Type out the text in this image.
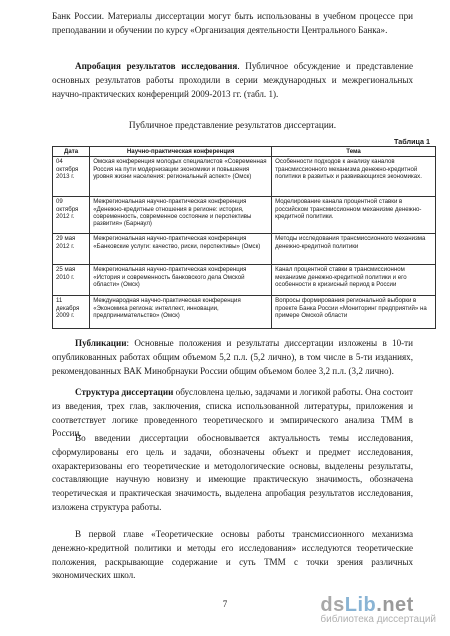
Банк России. Материалы диссертации могут быть использованы в учебном процессе при преподавании и обучении по курсу «Организация деятельности Центрального Банка».
Апробация результатов исследования. Публичное обсуждение и представление основных результатов работы проходили в серии международных и межрегиональных научно-практических конференций 2009-2013 гг. (табл. 1).
Публичное представление результатов диссертации.
Таблица 1
Дата	Научно-практическая конференция	Тема
04 октября 2013 г.	Омская конференция молодых специалистов «Современная Россия на пути модернизации экономики и повышения уровня жизни населения: региональный аспект» (Омск)	Особенности подходов к анализу каналов трансмиссионного механизма денежно-кредитной политики в развитых и развивающихся экономиках.
09 октября 2012 г.	Межрегиональная научно-практическая конференция «Денежно-кредитные отношения в регионе: история, современность, современное состояние и перспективы развития» (Барнаул)	Моделирование канала процентной ставки в российском трансмиссионном механизме денежно-кредитной политики.
29 мая 2012 г.	Межрегиональная научно-практическая конференция «Банковские услуги: качество, риски, перспективы» (Омск)	Методы исследования трансмиссионного механизма денежно-кредитной политики
25 мая 2010 г.	Межрегиональная научно-практическая конференция «История и современность банковского дела Омской области» (Омск)	Канал процентной ставки в трансмиссионном механизме денежно-кредитной политики и его особенности в кризисный период в России
11 декабря 2009 г.	Международная научно-практическая конференция «Экономика региона: интеллект, инновации, предпринимательство» (Омск)	Вопросы формирования региональной выборки в проекте Банка России «Мониторинг предприятий» на примере Омской области
Публикации: Основные положения и результаты диссертации изложены в 10-ти опубликованных работах общим объемом 5,2 п.л. (5,2 лично), в том числе в 5-ти изданиях, рекомендованных ВАК Минобрнауки России общим объемом более 3,2 п.л. (3,2 лично).
Структура диссертации обусловлена целью, задачами и логикой работы. Она состоит из введения, трех глав, заключения, списка использованной литературы, приложения и соответствует логике проведенного теоретического и эмпирического анализа ТММ в России.
Во введении диссертации обосновывается актуальность темы исследования, сформулированы его цель и задачи, обозначены объект и предмет исследования, охарактеризованы его теоретические и методологические основы, выделены результаты, составляющие научную новизну и имеющие практическую значимость, обозначена теоретическая и практическая значимость, выделена апробация результатов исследования, изложена структура работы.
В первой главе «Теоретические основы работы трансмиссионного механизма денежно-кредитной политики и методы его исследования» исследуются теоретические положения, раскрывающие содержание и суть ТММ с точки зрения различных экономических школ.
7	dsLib.net
библиотека диссертаций
